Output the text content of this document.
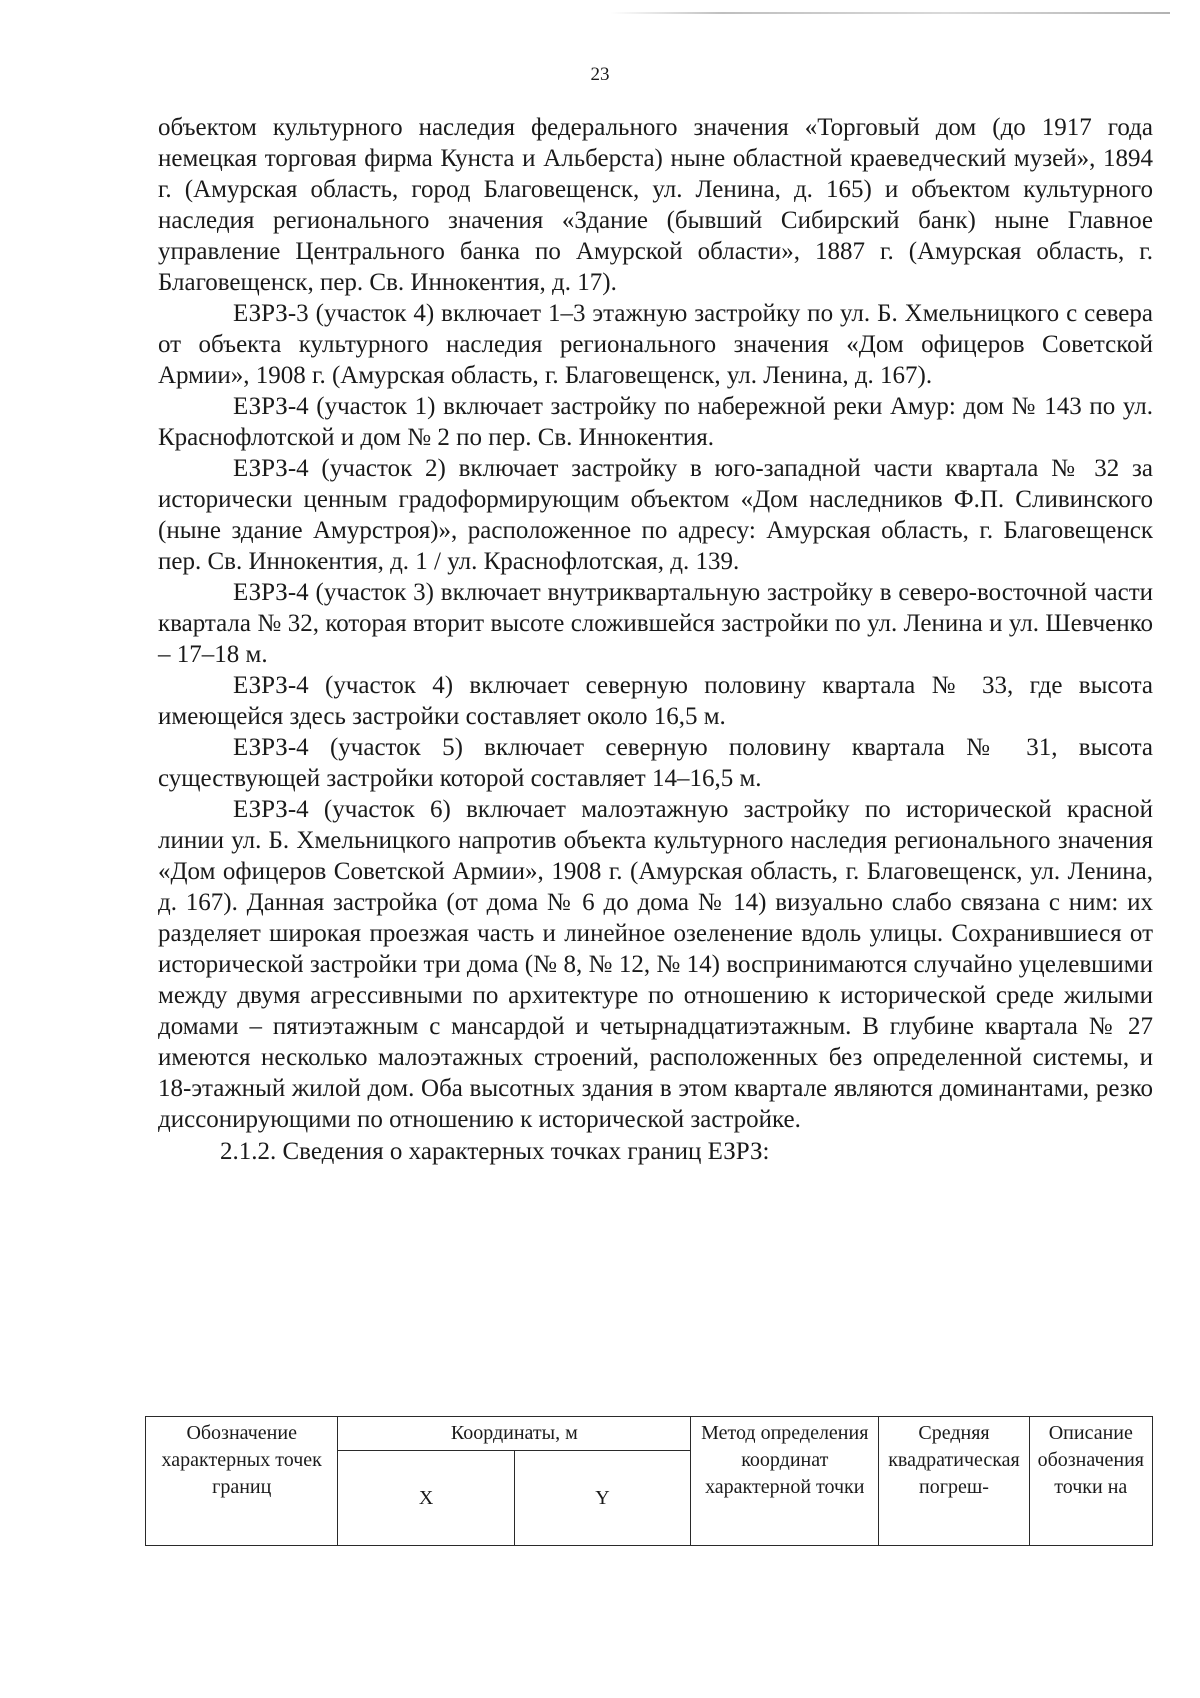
23

объектом культурного наследия федерального значения «Торговый дом (до 1917 года немецкая торговая фирма Кунста и Альберста) ныне областной краеведческий музей», 1894 г. (Амурская область, город Благовещенск, ул. Ленина, д. 165) и объектом культурного наследия регионального значения «Здание (бывший Сибирский банк) ныне Главное управление Центрального банка по Амурской области», 1887 г. (Амурская область, г. Благовещенск, пер. Св. Иннокентия, д. 17).

ЕЗРЗ-3 (участок 4) включает 1–3 этажную застройку по ул. Б. Хмельницкого с севера от объекта культурного наследия регионального значения «Дом офицеров Советской Армии», 1908 г. (Амурская область, г. Благовещенск, ул. Ленина, д. 167).

ЕЗРЗ-4 (участок 1) включает застройку по набережной реки Амур: дом № 143 по ул. Краснофлотской и дом № 2 по пер. Св. Иннокентия.

ЕЗРЗ-4 (участок 2) включает застройку в юго-западной части квартала № 32 за исторически ценным градоформирующим объектом «Дом наследников Ф.П. Сливинского (ныне здание Амурстроя)», расположенное по адресу: Амурская область, г. Благовещенск пер. Св. Иннокентия, д. 1 / ул. Краснофлотская, д. 139.

ЕЗРЗ-4 (участок 3) включает внутриквартальную застройку в северо-восточной части квартала № 32, которая вторит высоте сложившейся застройки по ул. Ленина и ул. Шевченко – 17–18 м.

ЕЗРЗ-4 (участок 4) включает северную половину квартала № 33, где высота имеющейся здесь застройки составляет около 16,5 м.

ЕЗРЗ-4 (участок 5) включает северную половину квартала № 31, высота существующей застройки которой составляет 14–16,5 м.

ЕЗРЗ-4 (участок 6) включает малоэтажную застройку по исторической красной линии ул. Б. Хмельницкого напротив объекта культурного наследия регионального значения «Дом офицеров Советской Армии», 1908 г. (Амурская область, г. Благовещенск, ул. Ленина, д. 167). Данная застройка (от дома № 6 до дома № 14) визуально слабо связана с ним: их разделяет широкая проезжая часть и линейное озеленение вдоль улицы. Сохранившиеся от исторической застройки три дома (№ 8, № 12, № 14) воспринимаются случайно уцелевшими между двумя агрессивными по архитектуре по отношению к исторической среде жилыми домами – пятиэтажным с мансардой и четырнадцатиэтажным. В глубине квартала № 27 имеются несколько малоэтажных строений, расположенных без определенной системы, и 18-этажный жилой дом. Оба высотных здания в этом квартале являются доминантами, резко диссонирующими по отношению к исторической застройке.

2.1.2. Сведения о характерных точках границ ЕЗРЗ:

Обозначение характерных точек границ	Координаты, м		Метод определения координат характерной точки	Средняя квадратическая погреш-	Описание обозначения точки на
	X	Y			
